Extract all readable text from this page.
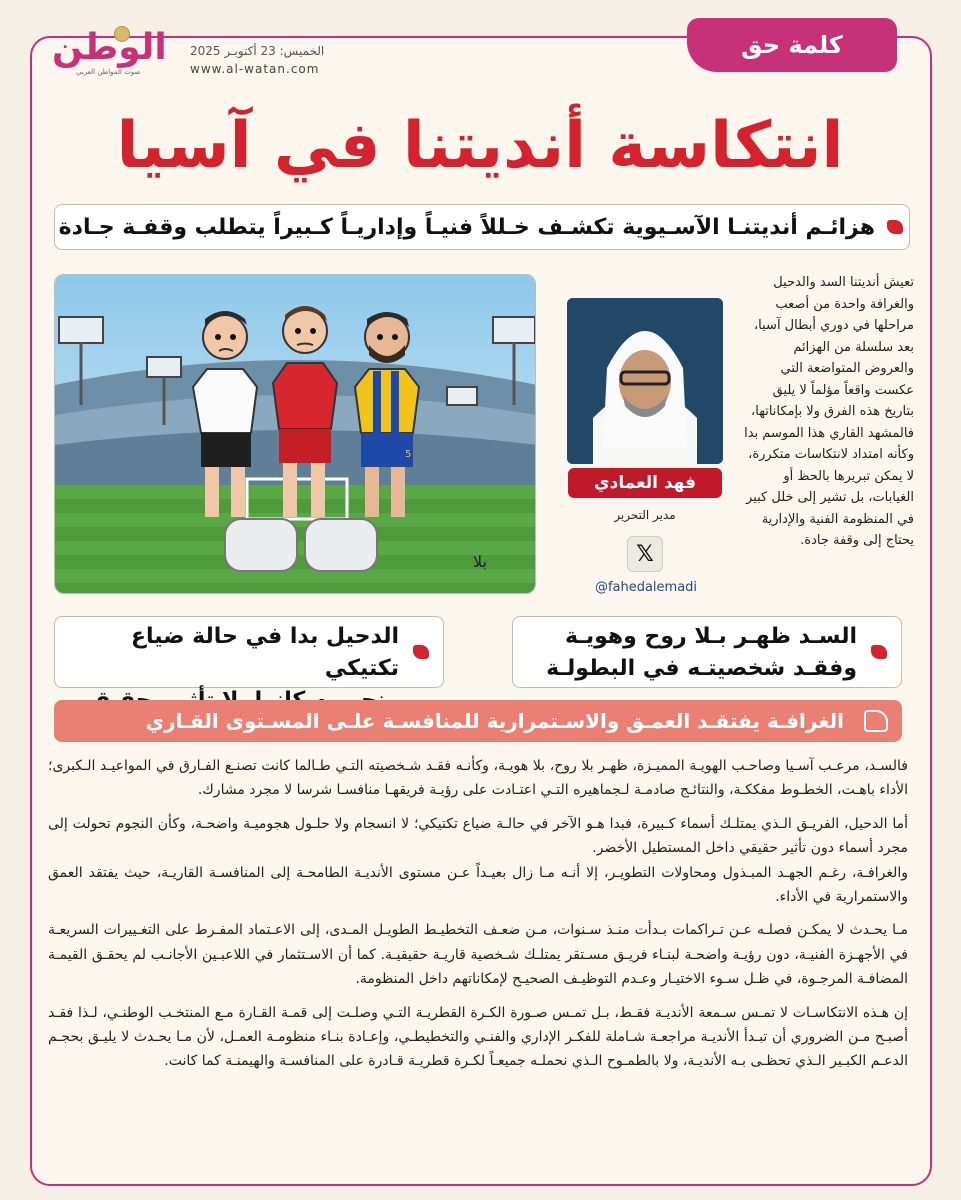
الوطن
صوت المواطن العربي
الخميس: 23 أكتوبـر 2025
www.al-watan.com
كلمة حق
انتكاسة أنديتنا في آسيا
هزائـم أنديتنـا الآسـيوية تكشـف خـللاً فنيـاً وإداريـاً كـبيراً يتطلب وقفـة جـادة
5
بلا
فهد العمادي
مدير التحرير
𝕏
@fahedalemadi
تعيش أنديتنا السد والدحيل والغرافة واحدة من أصعب مراحلها في دوري أبطال آسيا، بعد سلسلة من الهزائم والعروض المتواضعة التي عكست واقعاً مؤلماً لا يليق بتاريخ هذه الفرق ولا بإمكاناتها، فالمشهد القاري هذا الموسم بدا وكأنه امتداد لانتكاسات متكررة، لا يمكن تبريرها بالحظ أو الغيابات، بل تشير إلى خلل كبير في المنظومة الفنية والإدارية يحتاج إلى وقفة جادة.
السـد ظهـر بـلا روح وهويـة
وفقـد شخصيتـه في البطولـة
الدحيل بدا في حالة ضياع تكتيكي
الغرافـة يفتقـد العمـق والاسـتمرارية للمنافسـة علـى المسـتوى القـاري

فالسـد، مرعـب آسـيا وصاحـب الهويـة المميـزة، ظهـر بلا روح، بلا هويـة، وكأنـه فقـد شـخصيته التـي طـالما كانت تصنـع الفـارق في المواعيـد الـكبرى؛ الأداء باهـت، الخطـوط مفككـة، والنتائـج صادمـة لـجماهيره التـي اعتـادت على رؤيـة فريقهـا منافسـا شرسا لا مجرد مشارك.

أما الدحيل، الفريـق الـذي يمتلـك أسماء كـبيرة، فبدا هـو الآخر في حالـة ضياع تكتيكي؛ لا انسجام ولا حلـول هجوميـة واضحـة، وكأن النجوم تحولت إلى مجرد أسماء دون تأثير حقيقي داخل المستطيل الأخضر.

والغرافـة، رغـم الجهـد المبـذول ومحاولات التطويـر، إلا أنـه مـا زال بعيـداً عـن مستوى الأنديـة الطامحـة إلى المنافسـة القاريـة، حيث يفتقد العمق والاستمرارية في الأداء.

مـا يحـدث لا يمكـن فصلـه عـن تـراكمات بـدأت منـذ سـنوات، مـن ضعـف التخطيـط الطويـل المـدى، إلى الاعـتماد المفـرط على التغـييرات السريعـة في الأجهـزة الفنيـة، دون رؤيـة واضحـة لبنـاء فريـق مسـتقر يمتلـك شـخصية قاريـة حقيقيـة. كما أن الاسـتثمار في اللاعبـين الأجانـب لم يحقـق القيمـة المضافـة المرجـوة، في ظـل سـوء الاختيـار وعـدم التوظيـف الصحيـح لإمكاناتهم داخل المنظومة.

إن هـذه الانتكاسـات لا تمـس سـمعة الأنديـة فقـط، بـل تمـس صـورة الكـرة القطريـة التـي وصلـت إلى قمـة القـارة مـع المنتخـب الوطنـي، لـذا فقـد أصبـح مـن الضروري أن تبـدأ الأنديـة مراجعـة شـاملة للفكـر الإداري والفنـي والتخطيطـي، وإعـادة بنـاء منظومـة العمـل، لأن مـا يحـدث لا يليـق بحجـم الدعـم الكبـير الـذي تحظـى بـه الأنديـة، ولا بالطمـوح الـذي نحملـه جميعـاً لكـرة قطريـة قـادرة على المنافسـة والهيمنـة كما كانت.
